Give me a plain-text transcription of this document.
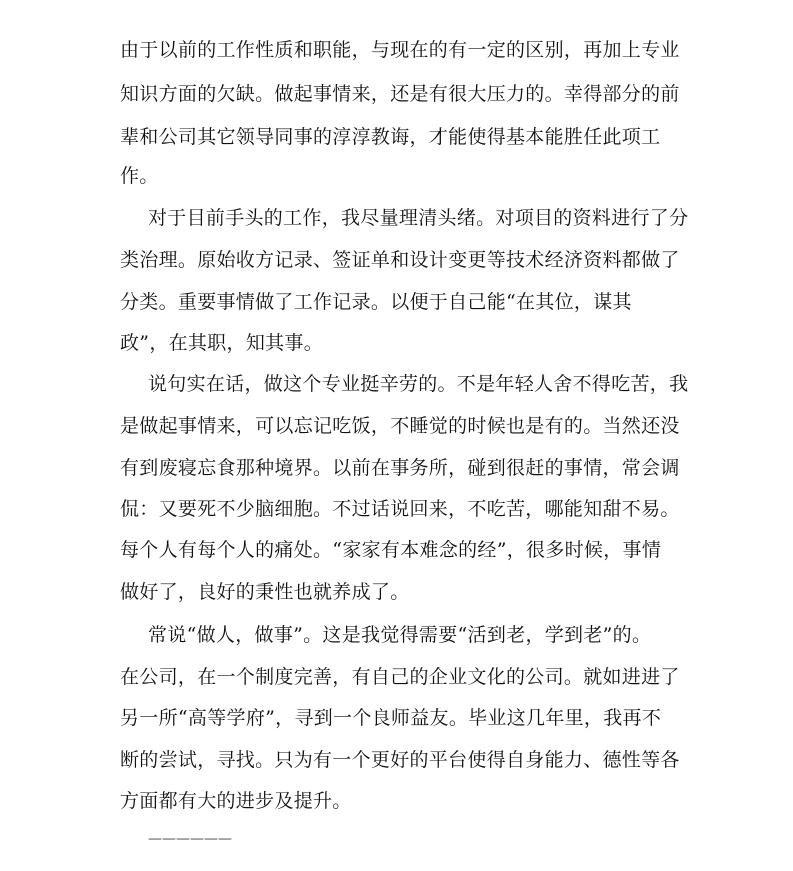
由于以前的工作性质和职能，与现在的有一定的区别，再加上专业
知识方面的欠缺。做起事情来，还是有很大压力的。幸得部分的前
辈和公司其它领导同事的淳淳教诲，才能使得基本能胜任此项工
作。
对于目前手头的工作，我尽量理清头绪。对项目的资料进行了分
类治理。原始收方记录、签证单和设计变更等技术经济资料都做了
分类。重要事情做了工作记录。以便于自己能“在其位，谋其
政”，在其职，知其事。
说句实在话，做这个专业挺辛劳的。不是年轻人舍不得吃苦，我
是做起事情来，可以忘记吃饭，不睡觉的时候也是有的。当然还没
有到废寝忘食那种境界。以前在事务所，碰到很赶的事情，常会调
侃：又要死不少脑细胞。不过话说回来，不吃苦，哪能知甜不易。
每个人有每个人的痛处。“家家有本难念的经”，很多时候，事情
做好了，良好的秉性也就养成了。
常说“做人，做事”。这是我觉得需要“活到老，学到老”的。
在公司，在一个制度完善，有自己的企业文化的公司。就如进进了
另一所“高等学府”，寻到一个良师益友。毕业这几年里，我再不
断的尝试，寻找。只为有一个更好的平台使得自身能力、德性等各
方面都有大的进步及提升。
——————
